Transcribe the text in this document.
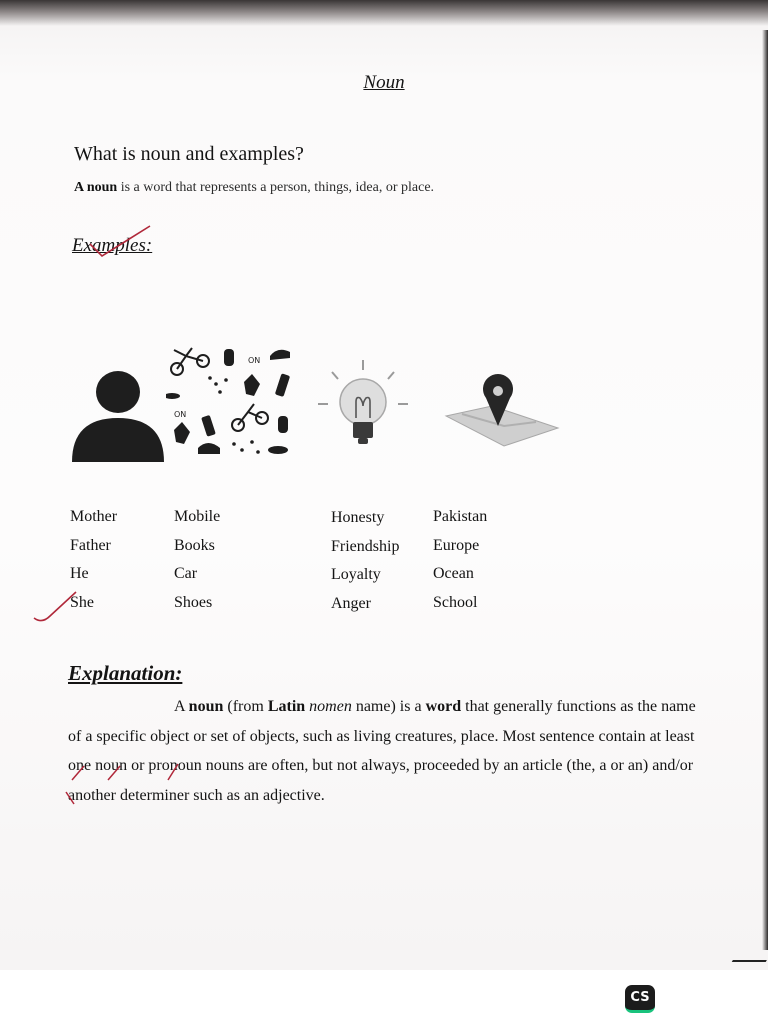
Noun
What is noun and examples?
A noun is a word that represents a person, things, idea, or place.
Examples:
ON
ON
Mother
Father
He
She
Mobile
Books
Car
Shoes
Honesty
Friendship
Loyalty
Anger
Pakistan
Europe
Ocean
School
Explanation:
A noun (from Latin nomen name) is a word that generally functions as the name of a specific object or set of objects, such as living creatures, place. Most sentence contain at least one noun or pronoun nouns are often, but not always, proceeded by an article (the, a or an) and/or another determiner such as an adjective.
CS
